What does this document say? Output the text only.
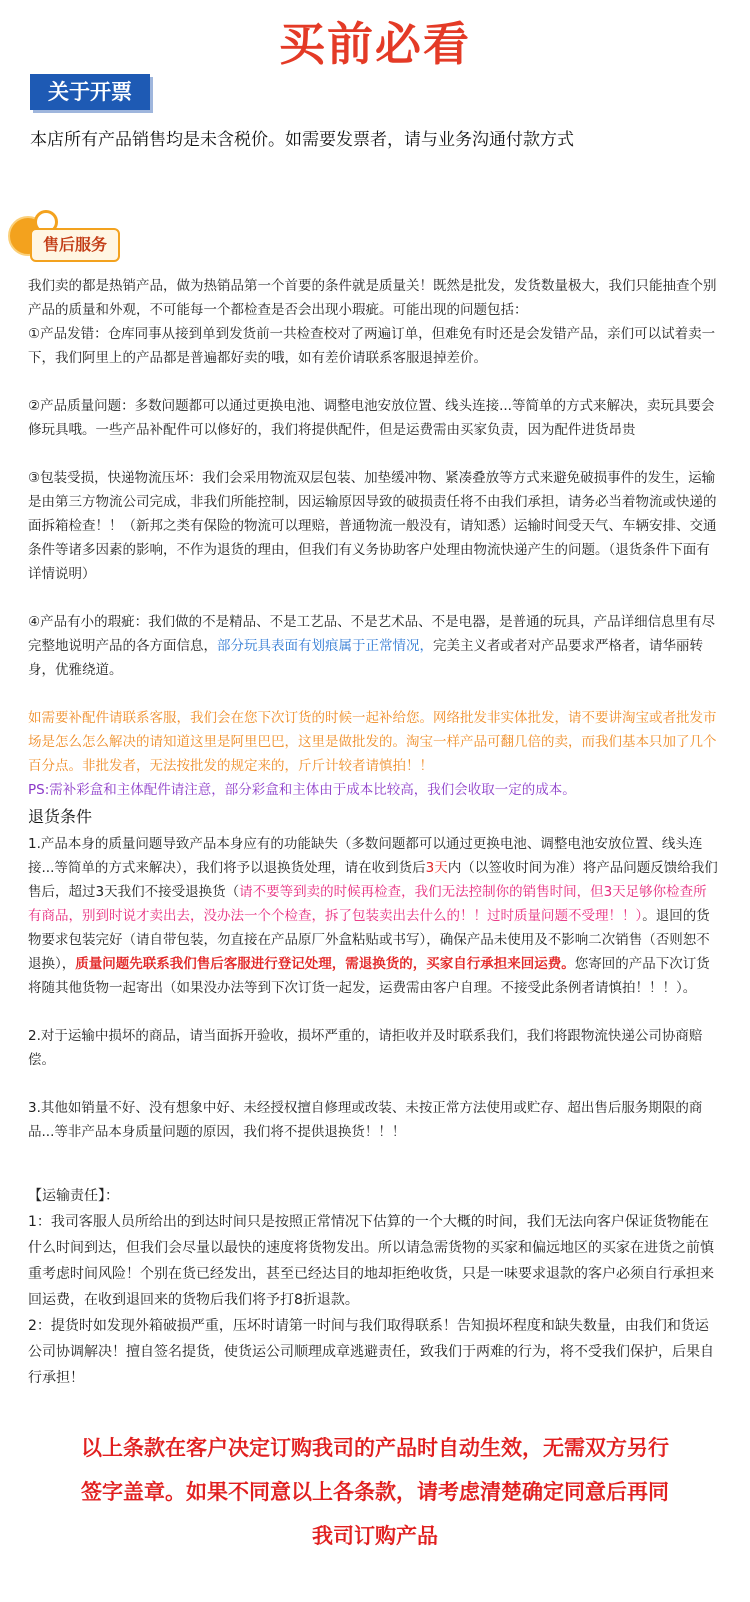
买前必看
关于开票
本店所有产品销售均是未含税价。如需要发票者，请与业务沟通付款方式
售后服务

我们卖的都是热销产品，做为热销品第一个首要的条件就是质量关！既然是批发，发货数量极大，我们只能抽查个别产品的质量和外观，不可能每一个都检查是否会出现小瑕疵。可能出现的问题包括：

①产品发错：仓库同事从接到单到发货前一共检查校对了两遍订单，但难免有时还是会发错产品，亲们可以试着卖一下，我们阿里上的产品都是普遍都好卖的哦，如有差价请联系客服退掉差价。

②产品质量问题：多数问题都可以通过更换电池、调整电池安放位置、线头连接...等简单的方式来解决，卖玩具要会修玩具哦。一些产品补配件可以修好的，我们将提供配件，但是运费需由买家负责，因为配件进货昂贵

③包装受损，快递物流压坏：我们会采用物流双层包装、加垫缓冲物、紧凑叠放等方式来避免破损事件的发生，运输是由第三方物流公司完成，非我们所能控制，因运输原因导致的破损责任将不由我们承担，请务必当着物流或快递的面拆箱检查！！（新邦之类有保险的物流可以理赔，普通物流一般没有，请知悉）运输时间受天气、车辆安排、交通条件等诸多因素的影响，不作为退货的理由，但我们有义务协助客户处理由物流快递产生的问题。（退货条件下面有详情说明）

④产品有小的瑕疵：我们做的不是精品、不是工艺品、不是艺术品、不是电器，是普通的玩具，产品详细信息里有尽完整地说明产品的各方面信息，部分玩具表面有划痕属于正常情况，完美主义者或者对产品要求严格者，请华丽转身，优雅绕道。

如需要补配件请联系客服，我们会在您下次订货的时候一起补给您。网络批发非实体批发，请不要讲淘宝或者批发市场是怎么怎么解决的请知道这里是阿里巴巴，这里是做批发的。淘宝一样产品可翻几倍的卖，而我们基本只加了几个百分点。非批发者，无法按批发的规定来的，斤斤计较者请慎拍！！

PS:需补彩盒和主体配件请注意，部分彩盒和主体由于成本比较高，我们会收取一定的成本。

退货条件

1.产品本身的质量问题导致产品本身应有的功能缺失（多数问题都可以通过更换电池、调整电池安放位置、线头连接...等简单的方式来解决），我们将予以退换货处理，请在收到货后3天内（以签收时间为准）将产品问题反馈给我们售后，超过3天我们不接受退换货（请不要等到卖的时候再检查，我们无法控制你的销售时间，但3天足够你检查所有商品，别到时说才卖出去，没办法一个个检查，拆了包装卖出去什么的！！过时质量问题不受理！！）。退回的货物要求包装完好（请自带包装，勿直接在产品原厂外盒粘贴或书写），确保产品未使用及不影响二次销售（否则恕不退换），质量问题先联系我们售后客服进行登记处理，需退换货的，买家自行承担来回运费。您寄回的产品下次订货将随其他货物一起寄出（如果没办法等到下次订货一起发，运费需由客户自理。不接受此条例者请慎拍！！！）。

2.对于运输中损坏的商品，请当面拆开验收，损坏严重的，请拒收并及时联系我们，我们将跟物流快递公司协商赔偿。

3.其他如销量不好、没有想象中好、未经授权擅自修理或改装、未按正常方法使用或贮存、超出售后服务期限的商品...等非产品本身质量问题的原因，我们将不提供退换货！！！

【运输责任】：

1：我司客服人员所给出的到达时间只是按照正常情况下估算的一个大概的时间，我们无法向客户保证货物能在什么时间到达，但我们会尽量以最快的速度将货物发出。所以请急需货物的买家和偏远地区的买家在进货之前慎重考虑时间风险！个别在货已经发出，甚至已经达目的地却拒绝收货，只是一味要求退款的客户必须自行承担来回运费，在收到退回来的货物后我们将予打8折退款。

2：提货时如发现外箱破损严重，压坏时请第一时间与我们取得联系！告知损坏程度和缺失数量，由我们和货运公司协调解决！擅自签名提货，使货运公司顺理成章逃避责任，致我们于两难的行为，将不受我们保护，后果自行承担！

以上条款在客户决定订购我司的产品时自动生效，无需双方另行
签字盖章。如果不同意以上各条款，请考虑清楚确定同意后再同
我司订购产品
